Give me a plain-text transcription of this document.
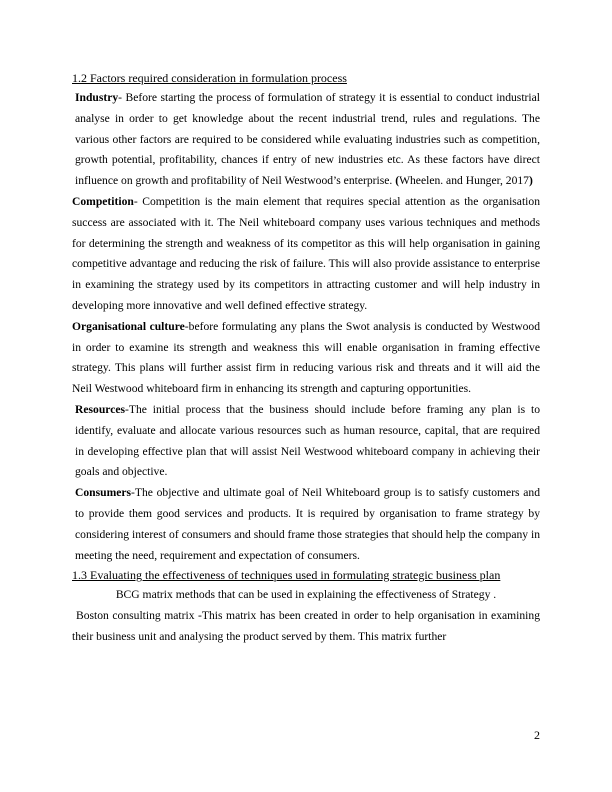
1.2 Factors required consideration in formulation process

Industry- Before starting the process of formulation of strategy it is essential to conduct industrial analyse in order to get knowledge about the recent industrial trend, rules and regulations. The various other factors are required to be considered while evaluating industries such as competition, growth potential, profitability, chances if entry of new industries etc. As these factors have direct influence on growth and profitability of Neil Westwood’s enterprise. (Wheelen. and Hunger, 2017)

Competition- Competition is the main element that requires special attention as the organisation success are associated with it. The Neil whiteboard company uses various techniques and methods for determining the strength and weakness of its competitor as this will help organisation in gaining competitive advantage and reducing the risk of failure. This will also provide assistance to enterprise in examining the strategy used by its competitors in attracting customer and will help industry in developing more innovative and well defined effective strategy.

Organisational culture-before formulating any plans the Swot analysis is conducted by Westwood in order to examine its strength and weakness this will enable organisation in framing effective strategy. This plans will further assist firm in reducing various risk and threats and it will aid the Neil Westwood whiteboard firm in enhancing its strength and capturing opportunities.

Resources-The initial process that the business should include before framing any plan is to identify, evaluate and allocate various resources such as human resource, capital, that are required in developing effective plan that will assist Neil Westwood whiteboard company in achieving their goals and objective.

Consumers-The objective and ultimate goal of Neil Whiteboard group is to satisfy customers and to provide them good services and products. It is required by organisation to frame strategy by considering interest of consumers and should frame those strategies that should help the company in meeting the need, requirement and expectation of consumers.

1.3 Evaluating the effectiveness of techniques used in formulating strategic business plan

BCG matrix methods that can be used in explaining the effectiveness of Strategy .

Boston consulting matrix -This matrix has been created in order to help organisation in examining their business unit and analysing the product served by them. This matrix further

2
